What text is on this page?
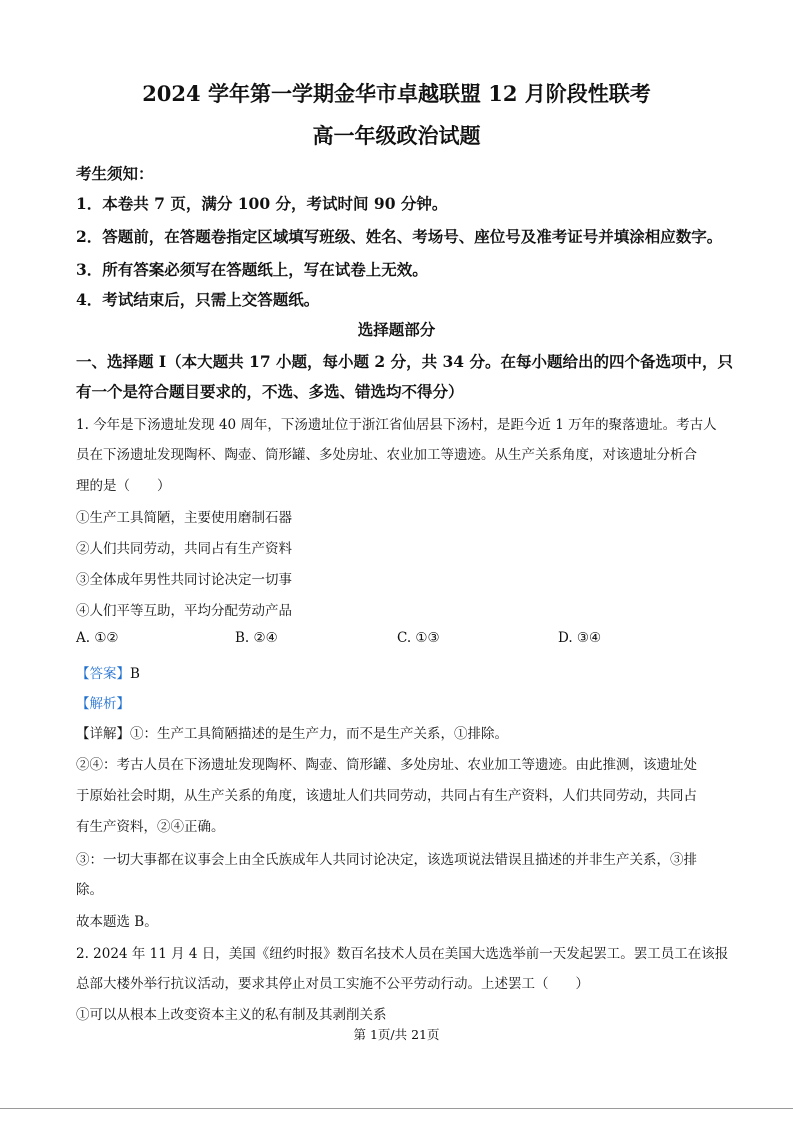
2024 学年第一学期金华市卓越联盟 12 月阶段性联考
高一年级政治试题
考生须知：
1．本卷共 7 页，满分 100 分，考试时间 90 分钟。
2．答题前，在答题卷指定区域填写班级、姓名、考场号、座位号及准考证号并填涂相应数字。
3．所有答案必须写在答题纸上，写在试卷上无效。
4．考试结束后，只需上交答题纸。
选择题部分
一、选择题 I（本大题共 17 小题，每小题 2 分，共 34 分。在每小题给出的四个备选项中，只
有一个是符合题目要求的，不选、多选、错选均不得分）
1. 今年是下汤遗址发现 40 周年，下汤遗址位于浙江省仙居县下汤村，是距今近 1 万年的聚落遗址。考古人
员在下汤遗址发现陶杯、陶壶、筒形罐、多处房址、农业加工等遗迹。从生产关系角度，对该遗址分析合
理的是（　　）
①生产工具简陋，主要使用磨制石器
②人们共同劳动，共同占有生产资料
③全体成年男性共同讨论决定一切事
④人们平等互助，平均分配劳动产品
A. ①②	B. ②④	C. ①③	D. ③④
【答案】B
【解析】
【详解】①：生产工具简陋描述的是生产力，而不是生产关系，①排除。
②④：考古人员在下汤遗址发现陶杯、陶壶、筒形罐、多处房址、农业加工等遗迹。由此推测，该遗址处
于原始社会时期，从生产关系的角度，该遗址人们共同劳动，共同占有生产资料，人们共同劳动，共同占
有生产资料，②④正确。
③：一切大事都在议事会上由全氏族成年人共同讨论决定，该选项说法错误且描述的并非生产关系，③排
除。
故本题选 B。
2. 2024 年 11 月 4 日，美国《纽约时报》数百名技术人员在美国大选选举前一天发起罢工。罢工员工在该报
总部大楼外举行抗议活动，要求其停止对员工实施不公平劳动行动。上述罢工（　　）
①可以从根本上改变资本主义的私有制及其剥削关系
第 1页/共 21页
